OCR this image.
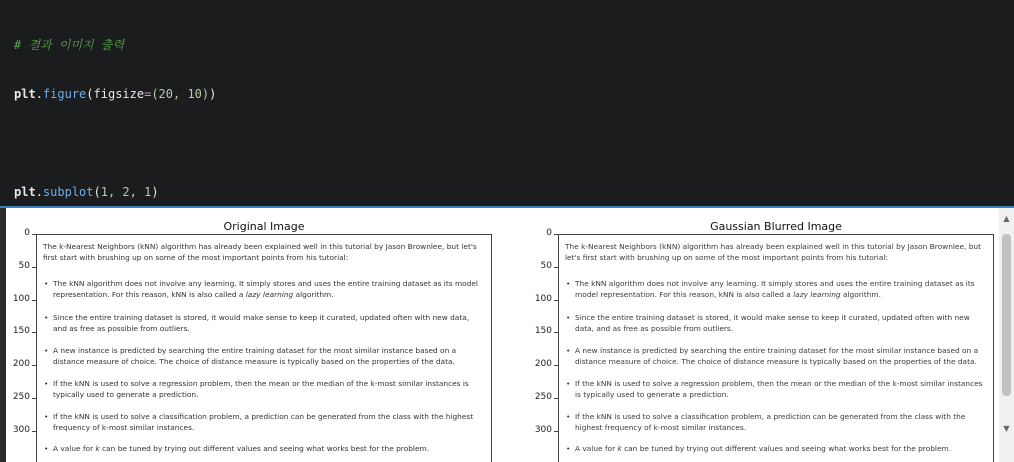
# 결과 이미지 출력

plt.figure(figsize=(20, 10))

plt.subplot(1, 2, 1)

Original Image
0
50
100
150
200
250
300
The k-Nearest Neighbors (kNN) algorithm has already been explained well in this tutorial by Jason Brownlee, but let's first start with brushing up on some of the most important points from his tutorial:
• The kNN algorithm does not involve any learning. It simply stores and uses the entire training dataset as its model representation. For this reason, kNN is also called a lazy learning algorithm.
• Since the entire training dataset is stored, it would make sense to keep it curated, updated often with new data, and as free as possible from outliers.
• A new instance is predicted by searching the entire training dataset for the most similar instance based on a distance measure of choice. The choice of distance measure is typically based on the properties of the data.
• If the kNN is used to solve a regression problem, then the mean or the median of the k-most similar instances is typically used to generate a prediction.
• If the kNN is used to solve a classification problem, a prediction can be generated from the class with the highest frequency of k-most similar instances.
• A value for k can be tuned by trying out different values and seeing what works best for the problem.
Gaussian Blurred Image
0
50
100
150
200
250
300
The k-Nearest Neighbors (kNN) algorithm has already been explained well in this tutorial by Jason Brownlee, but let's first start with brushing up on some of the most important points from his tutorial:
• The kNN algorithm does not involve any learning. It simply stores and uses the entire training dataset as its model representation. For this reason, kNN is also called a lazy learning algorithm.
• Since the entire training dataset is stored, it would make sense to keep it curated, updated often with new data, and as free as possible from outliers.
• A new instance is predicted by searching the entire training dataset for the most similar instance based on a distance measure of choice. The choice of distance measure is typically based on the properties of the data.
• If the kNN is used to solve a regression problem, then the mean or the median of the k-most similar instances is typically used to generate a prediction.
• If the kNN is used to solve a classification problem, a prediction can be generated from the class with the highest frequency of k-most similar instances.
• A value for k can be tuned by trying out different values and seeing what works best for the problem.
▲
▼
